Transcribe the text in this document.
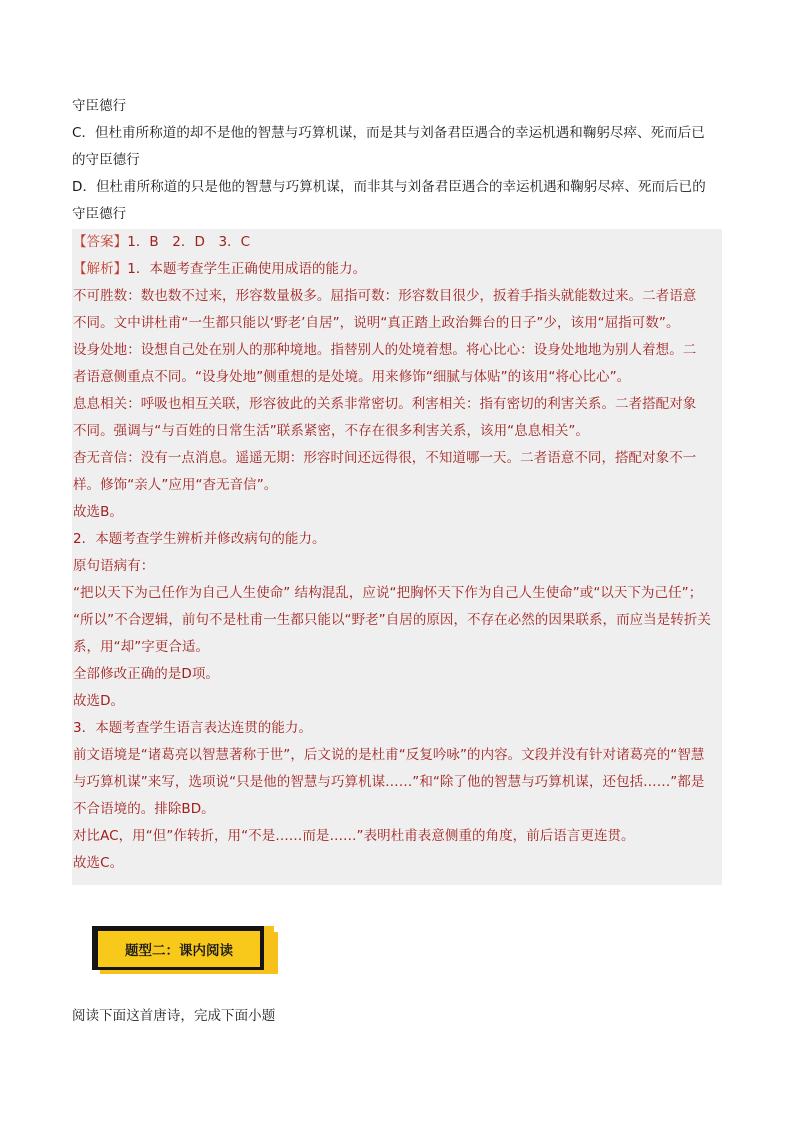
守臣德行
C．但杜甫所称道的却不是他的智慧与巧算机谋，而是其与刘备君臣遇合的幸运机遇和鞠躬尽瘁、死而后已
的守臣德行
D．但杜甫所称道的只是他的智慧与巧算机谋，而非其与刘备君臣遇合的幸运机遇和鞠躬尽瘁、死而后已的
守臣德行
【答案】1．B　2．D　3．C
【解析】1．本题考查学生正确使用成语的能力。
不可胜数：数也数不过来，形容数量极多。屈指可数：形容数目很少，扳着手指头就能数过来。二者语意
不同。文中讲杜甫“一生都只能以‘野老’自居”，说明“真正踏上政治舞台的日子”少，该用“屈指可数”。
设身处地：设想自己处在别人的那种境地。指替别人的处境着想。将心比心：设身处地地为别人着想。二
者语意侧重点不同。“设身处地”侧重想的是处境。用来修饰“细腻与体贴”的该用“将心比心”。
息息相关：呼吸也相互关联，形容彼此的关系非常密切。利害相关：指有密切的利害关系。二者搭配对象
不同。强调与“与百姓的日常生活”联系紧密，不存在很多利害关系，该用“息息相关”。
杳无音信：没有一点消息。遥遥无期：形容时间还远得很，不知道哪一天。二者语意不同，搭配对象不一
样。修饰“亲人”应用“杳无音信”。
故选B。
2．本题考查学生辨析并修改病句的能力。
原句语病有：
“把以天下为己任作为自己人生使命” 结构混乱，应说“把胸怀天下作为自己人生使命”或“以天下为己任”；
“所以”不合逻辑，前句不是杜甫一生都只能以“野老”自居的原因，不存在必然的因果联系，而应当是转折关
系，用“却”字更合适。
全部修改正确的是D项。
故选D。
3．本题考查学生语言表达连贯的能力。
前文语境是“诸葛亮以智慧著称于世”，后文说的是杜甫“反复吟咏”的内容。文段并没有针对诸葛亮的“智慧
与巧算机谋”来写，选项说“只是他的智慧与巧算机谋……”和“除了他的智慧与巧算机谋，还包括……”都是
不合语境的。排除BD。
对比AC，用“但”作转折，用“不是……而是……”表明杜甫表意侧重的角度，前后语言更连贯。
故选C。
阅读下面这首唐诗，完成下面小题
题型二：课内阅读
